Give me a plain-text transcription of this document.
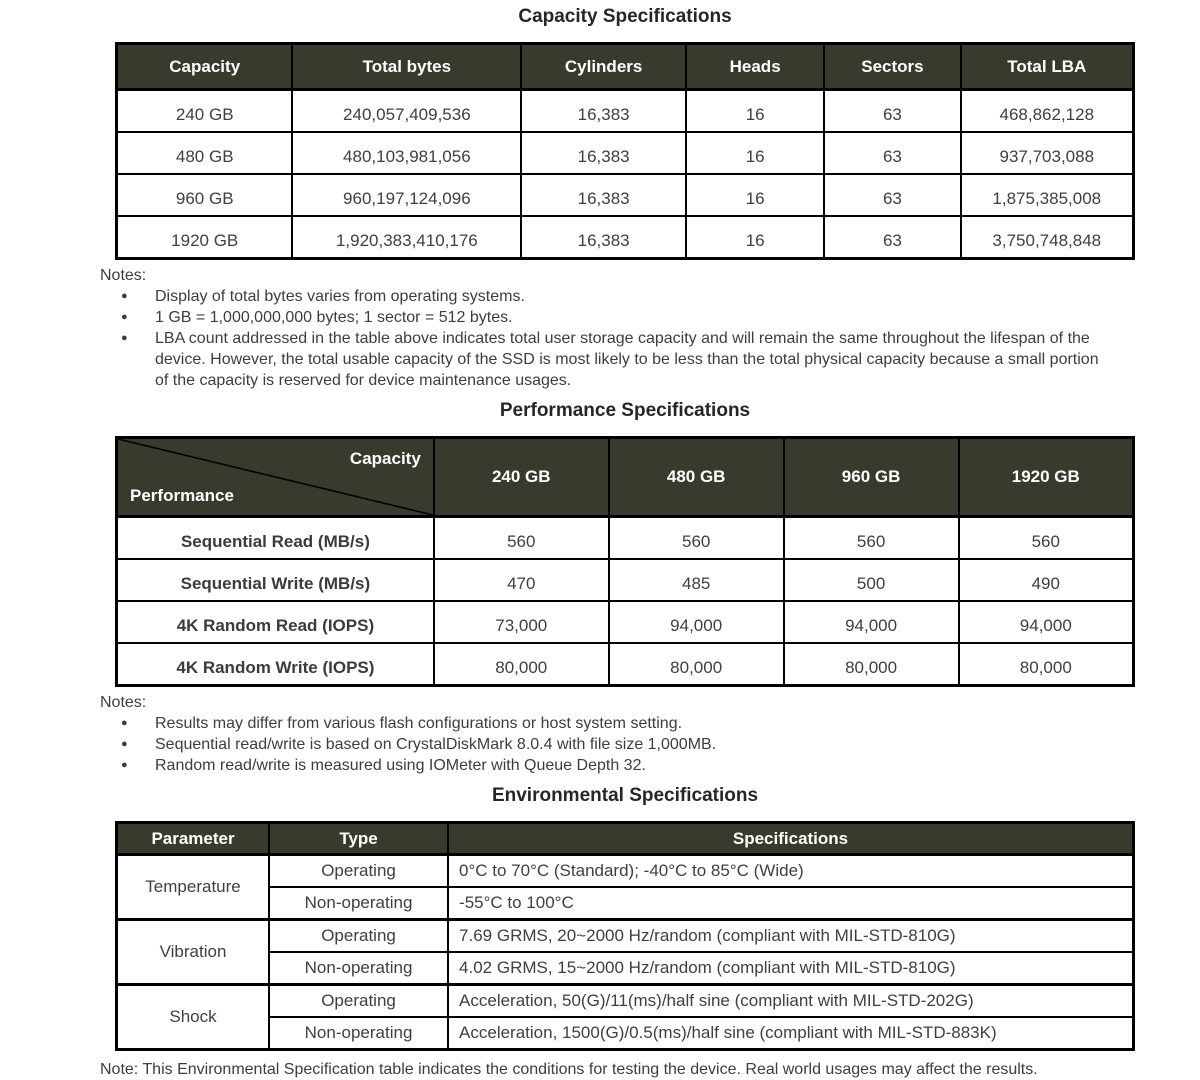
Capacity Specifications
Capacity	Total bytes	Cylinders	Heads	Sectors	Total LBA
240 GB	240,057,409,536	16,383	16	63	468,862,128
480 GB	480,103,981,056	16,383	16	63	937,703,088
960 GB	960,197,124,096	16,383	16	63	1,875,385,008
1920 GB	1,920,383,410,176	16,383	16	63	3,750,748,848
Notes:
●	Display of total bytes varies from operating systems.
●	1 GB = 1,000,000,000 bytes; 1 sector = 512 bytes.
●	LBA count addressed in the table above indicates total user storage capacity and will remain the same throughout the lifespan of the device. However, the total usable capacity of the SSD is most likely to be less than the total physical capacity because a small portion of the capacity is reserved for device maintenance usages.
Performance Specifications
Capacity
Performance	240 GB	480 GB	960 GB	1920 GB
Sequential Read (MB/s)	560	560	560	560
Sequential Write (MB/s)	470	485	500	490
4K Random Read (IOPS)	73,000	94,000	94,000	94,000
4K Random Write (IOPS)	80,000	80,000	80,000	80,000
Notes:
●	Results may differ from various flash configurations or host system setting.
●	Sequential read/write is based on CrystalDiskMark 8.0.4 with file size 1,000MB.
●	Random read/write is measured using IOMeter with Queue Depth 32.
Environmental Specifications
Parameter	Type	Specifications
Temperature	Operating	0°C to 70°C (Standard); -40°C to 85°C (Wide)
	Non-operating	-55°C to 100°C
Vibration	Operating	7.69 GRMS, 20~2000 Hz/random (compliant with MIL-STD-810G)
	Non-operating	4.02 GRMS, 15~2000 Hz/random (compliant with MIL-STD-810G)
Shock	Operating	Acceleration, 50(G)/11(ms)/half sine (compliant with MIL-STD-202G)
	Non-operating	Acceleration, 1500(G)/0.5(ms)/half sine (compliant with MIL-STD-883K)

Note: This Environmental Specification table indicates the conditions for testing the device. Real world usages may affect the results.
